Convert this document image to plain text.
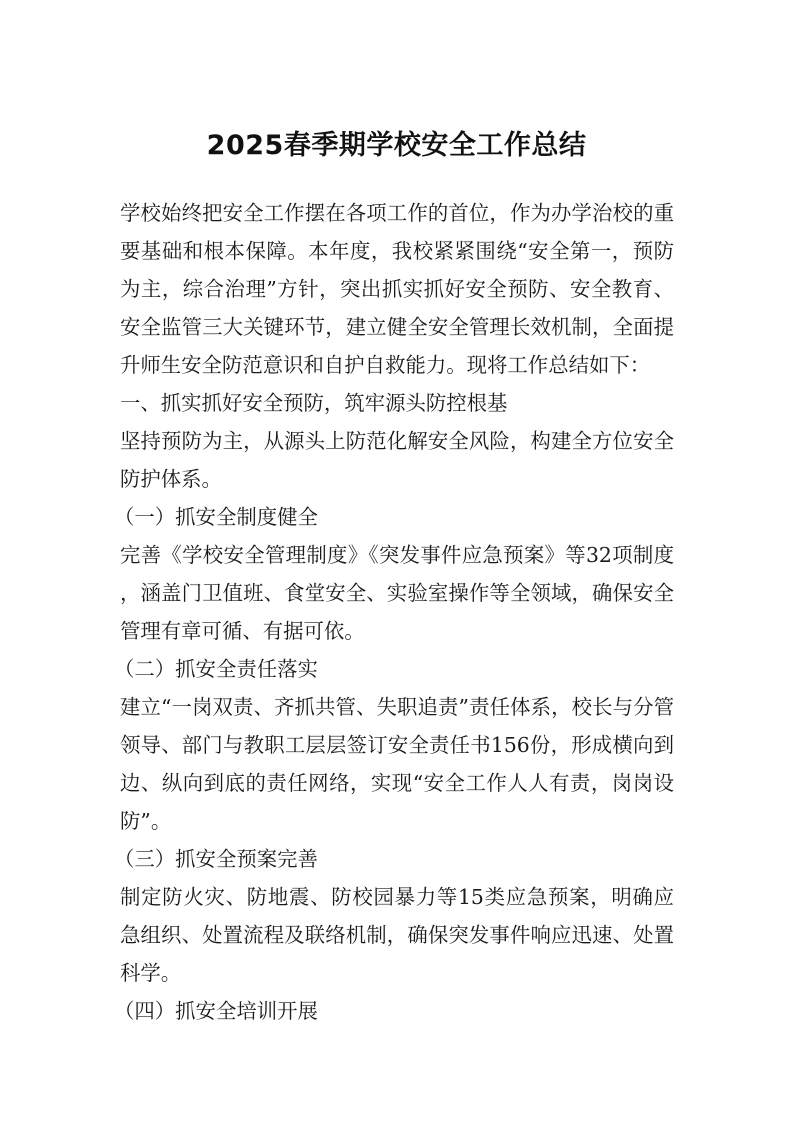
2025春季期学校安全工作总结

学校始终把安全工作摆在各项工作的首位，作为办学治校的重要基础和根本保障。本年度，我校紧紧围绕“安全第一，预防为主，综合治理”方针，突出抓实抓好安全预防、安全教育、安全监管三大关键环节，建立健全安全管理长效机制，全面提升师生安全防范意识和自护自救能力。现将工作总结如下：

一、抓实抓好安全预防，筑牢源头防控根基

坚持预防为主，从源头上防范化解安全风险，构建全方位安全防护体系。

（一）抓安全制度健全

完善《学校安全管理制度》《突发事件应急预案》等32项制度，涵盖门卫值班、食堂安全、实验室操作等全领域，确保安全管理有章可循、有据可依。

（二）抓安全责任落实

建立“一岗双责、齐抓共管、失职追责”责任体系，校长与分管领导、部门与教职工层层签订安全责任书156份，形成横向到边、纵向到底的责任网络，实现“安全工作人人有责，岗岗设防”。

（三）抓安全预案完善

制定防火灾、防地震、防校园暴力等15类应急预案，明确应急组织、处置流程及联络机制，确保突发事件响应迅速、处置科学。

（四）抓安全培训开展
